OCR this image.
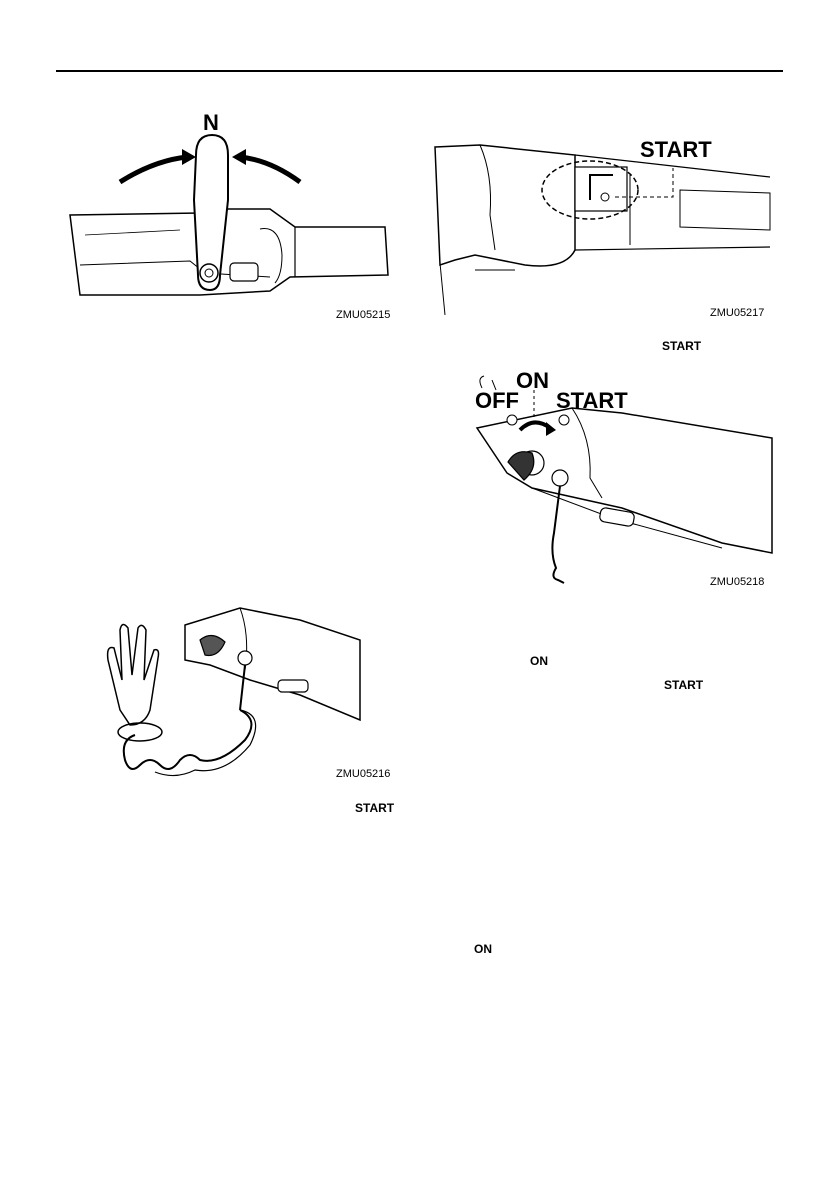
N
ZMU05215
START
ZMU05217
START
OFF
ON
START
ZMU05218
ZMU05216
ON
START
START
ON
